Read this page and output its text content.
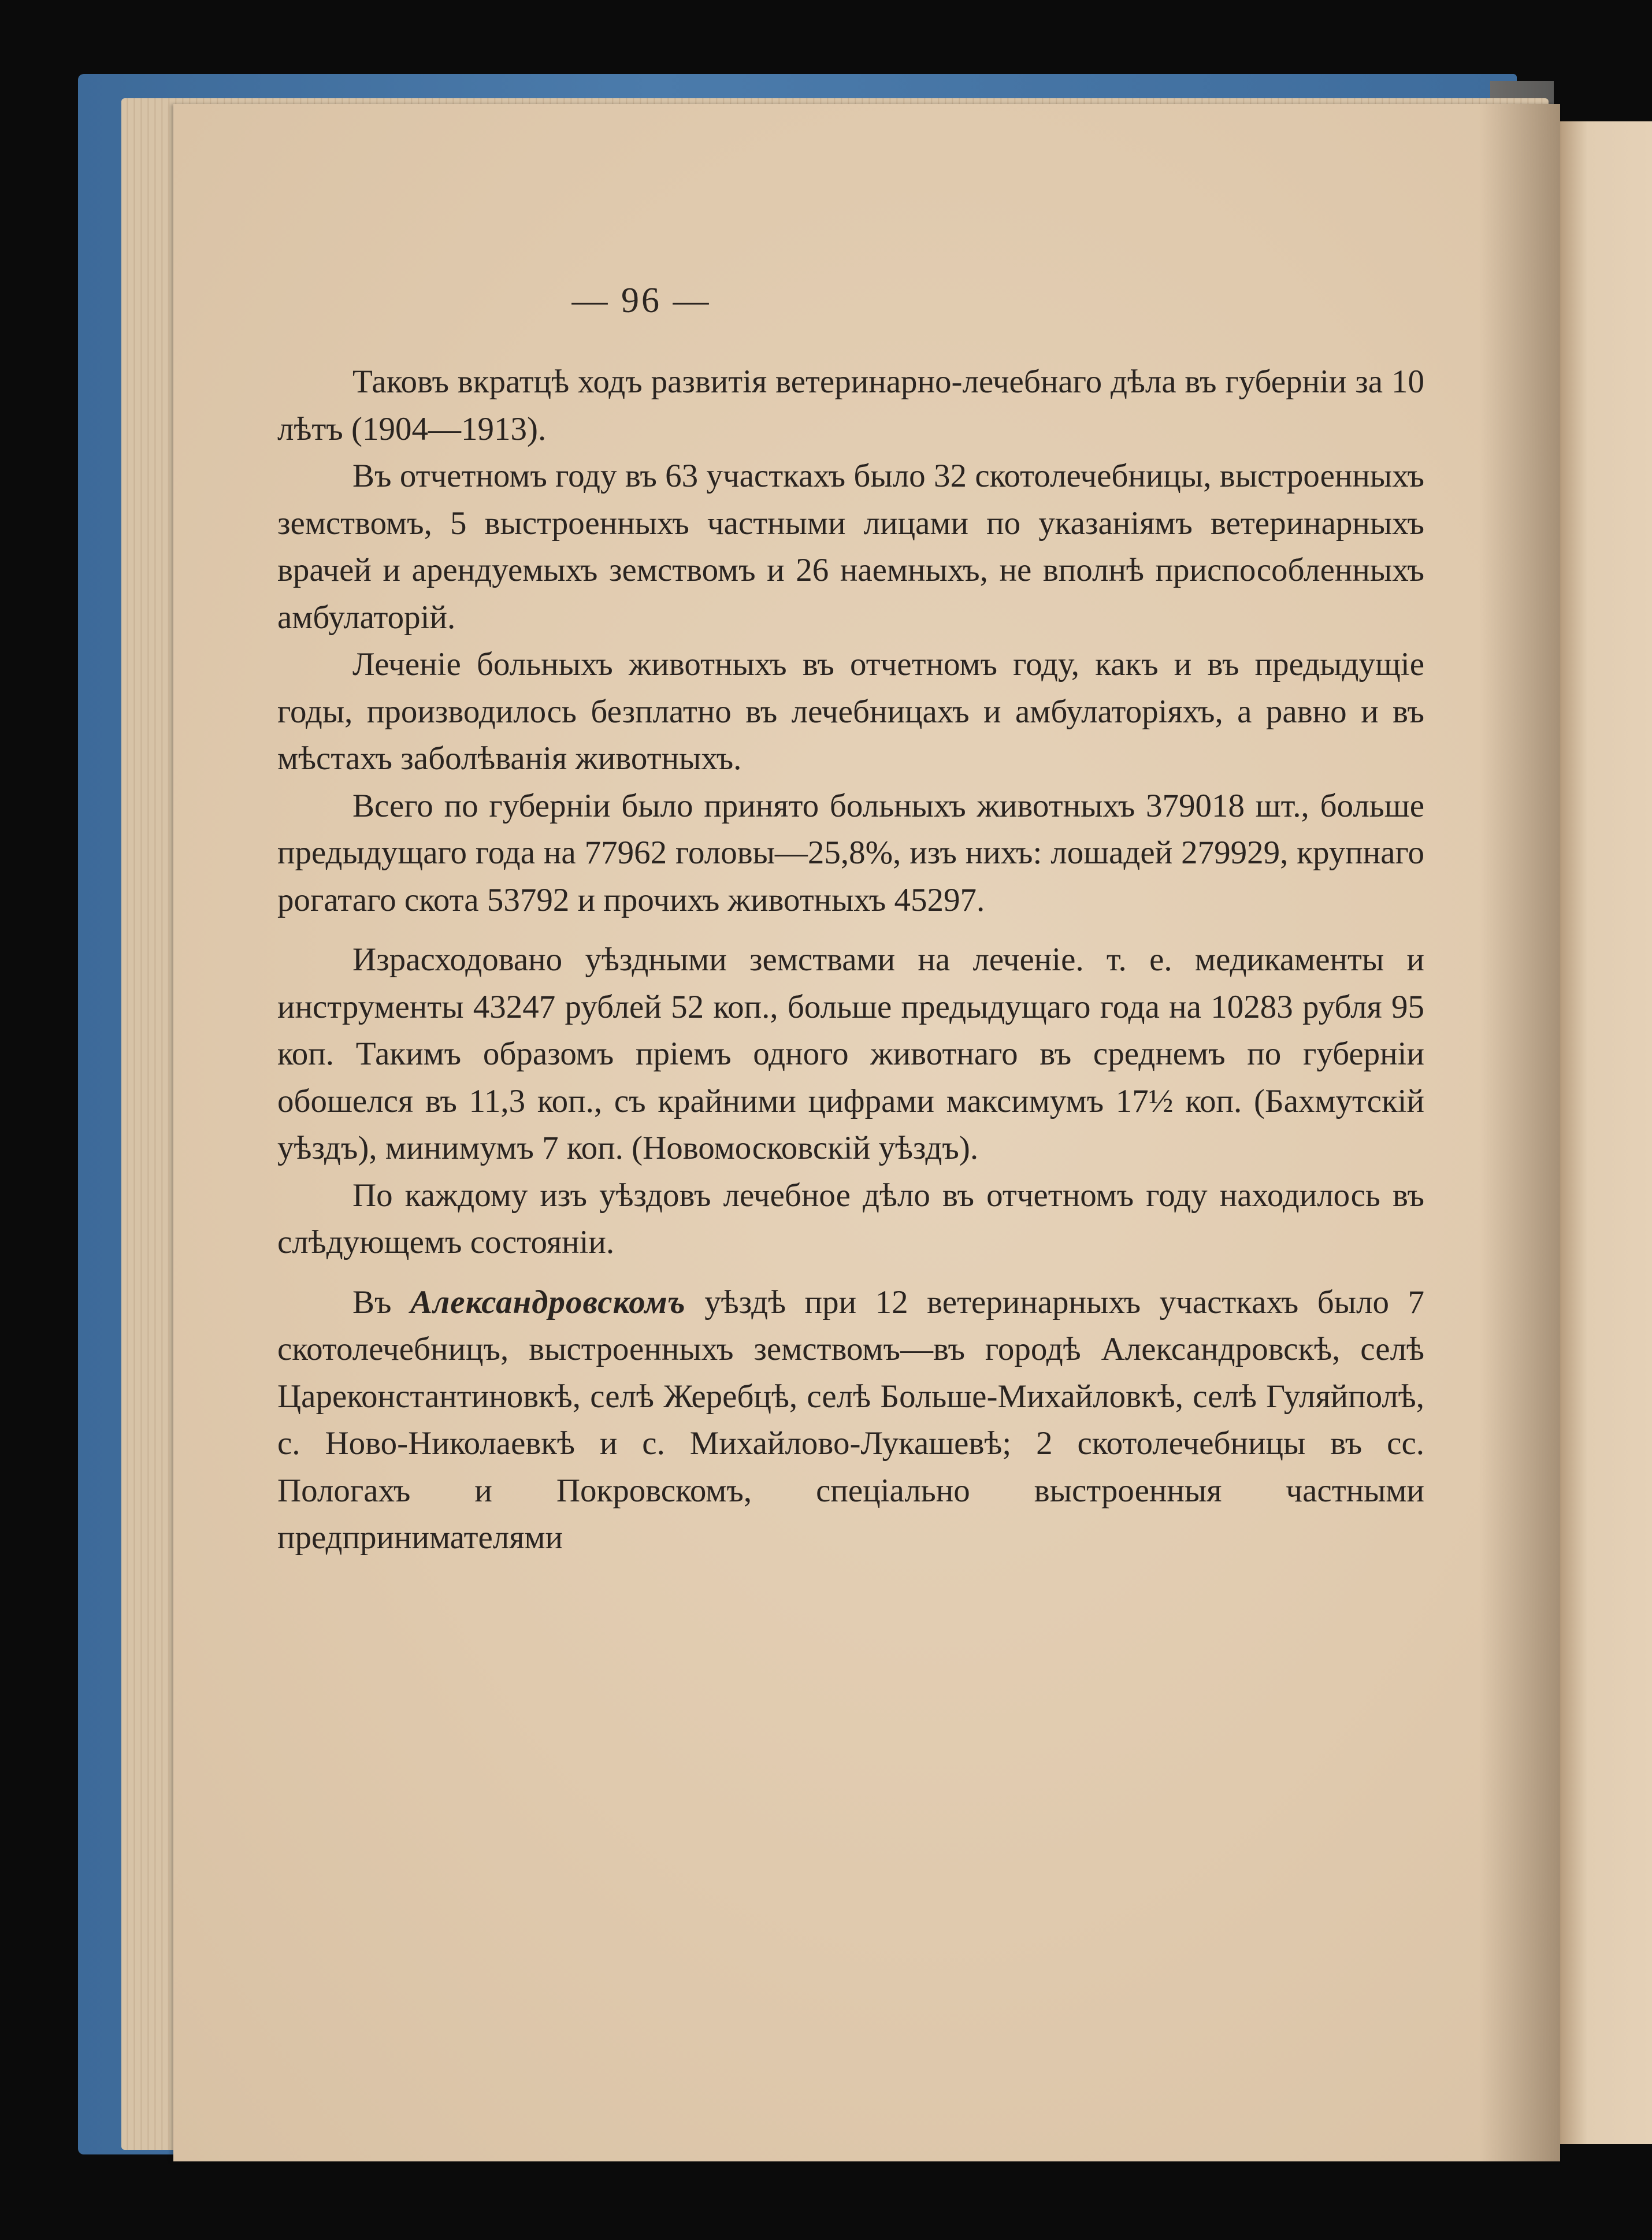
— 96 —

Таковъ вкратцѣ ходъ развитія ветеринарно-лечебнаго дѣла въ губерніи за 10 лѣтъ (1904—1913).

Въ отчетномъ году въ 63 участкахъ было 32 скотолечебницы, выстроенныхъ земствомъ, 5 выстроенныхъ частными лицами по указаніямъ ветеринарныхъ врачей и арендуемыхъ земствомъ и 26 наемныхъ, не вполнѣ приспособленныхъ амбулаторій.

Леченіе больныхъ животныхъ въ отчетномъ году, какъ и въ предыдущіе годы, производилось безплатно въ лечебницахъ и амбулаторіяхъ, а равно и въ мѣстахъ заболѣванія животныхъ.

Всего по губерніи было принято больныхъ животныхъ 379018 шт., больше предыдущаго года на 77962 головы—25,8%, изъ нихъ: лошадей 279929, крупнаго рогатаго скота 53792 и прочихъ животныхъ 45297.

Израсходовано уѣздными земствами на леченіе. т. е. медикаменты и инструменты 43247 рублей 52 коп., больше предыдущаго года на 10283 рубля 95 коп. Такимъ образомъ пріемъ одного животнаго въ среднемъ по губерніи обошелся въ 11,3 коп., съ крайними цифрами максимумъ 17½ коп. (Бахмутскій уѣздъ), минимумъ 7 коп. (Новомосковскій уѣздъ).

По каждому изъ уѣздовъ лечебное дѣло въ отчетномъ году находилось въ слѣдующемъ состояніи.

Въ Александровскомъ уѣздѣ при 12 ветеринарныхъ участкахъ было 7 скотолечебницъ, выстроенныхъ земствомъ—въ городѣ Александровскѣ, селѣ Цареконстантиновкѣ, селѣ Жеребцѣ, селѣ Больше-Михайловкѣ, селѣ Гуляйполѣ, с. Ново-Николаевкѣ и с. Михайлово-Лукашевѣ; 2 скотолечебницы въ сс. Пологахъ и Покровскомъ, спеціально выстроенныя частными предпринимателями
